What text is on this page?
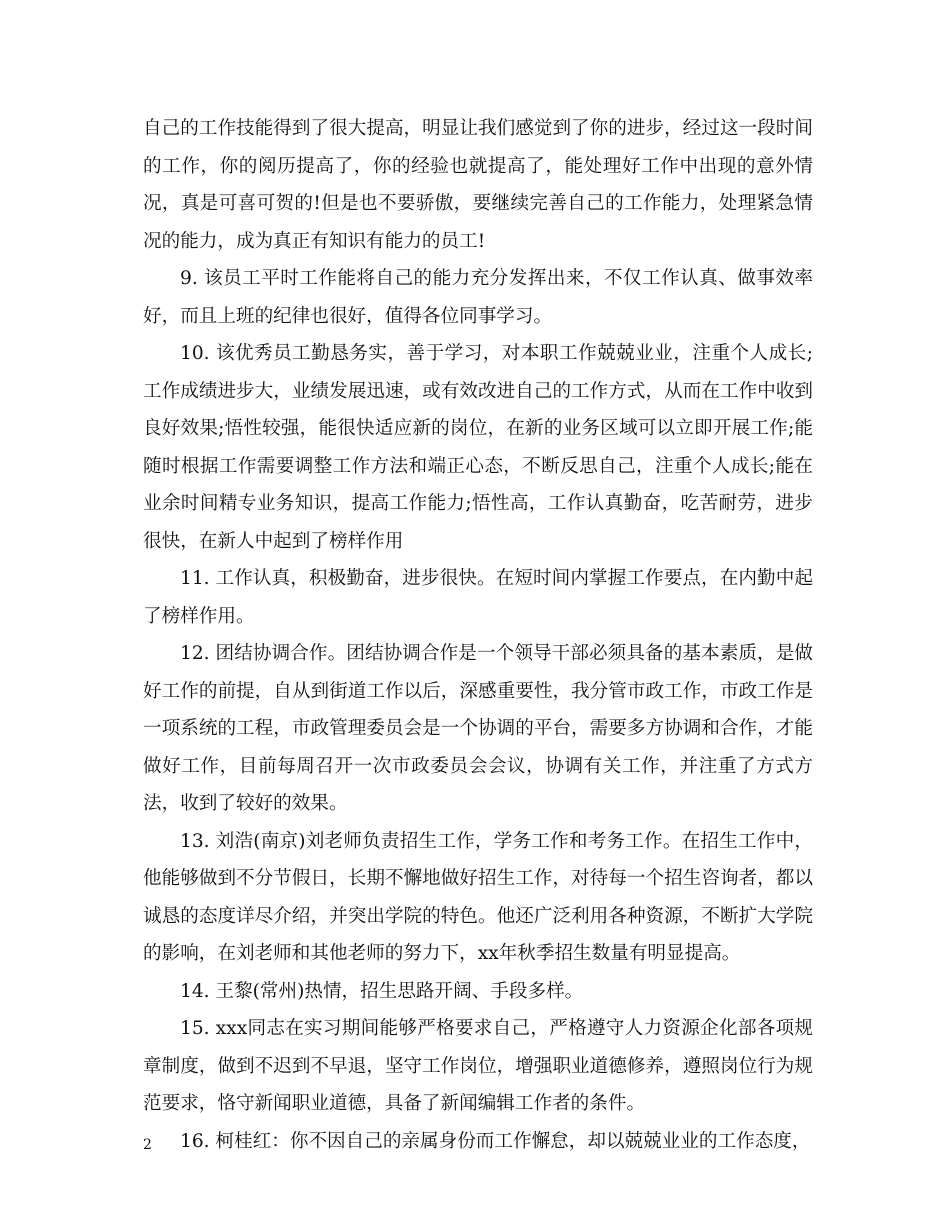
自己的工作技能得到了很大提高，明显让我们感觉到了你的进步，经过这一段时间的工作，你的阅历提高了，你的经验也就提高了，能处理好工作中出现的意外情况，真是可喜可贺的!但是也不要骄傲，要继续完善自己的工作能力，处理紧急情况的能力，成为真正有知识有能力的员工!

9. 该员工平时工作能将自己的能力充分发挥出来，不仅工作认真、做事效率好，而且上班的纪律也很好，值得各位同事学习。

10. 该优秀员工勤恳务实，善于学习，对本职工作兢兢业业，注重个人成长;工作成绩进步大，业绩发展迅速，或有效改进自己的工作方式，从而在工作中收到良好效果;悟性较强，能很快适应新的岗位，在新的业务区域可以立即开展工作;能随时根据工作需要调整工作方法和端正心态，不断反思自己，注重个人成长;能在业余时间精专业务知识，提高工作能力;悟性高，工作认真勤奋，吃苦耐劳，进步很快，在新人中起到了榜样作用

11. 工作认真，积极勤奋，进步很快。在短时间内掌握工作要点，在内勤中起了榜样作用。

12. 团结协调合作。团结协调合作是一个领导干部必须具备的基本素质，是做好工作的前提，自从到街道工作以后，深感重要性，我分管市政工作，市政工作是一项系统的工程，市政管理委员会是一个协调的平台，需要多方协调和合作，才能做好工作，目前每周召开一次市政委员会会议，协调有关工作，并注重了方式方法，收到了较好的效果。

13. 刘浩(南京)刘老师负责招生工作，学务工作和考务工作。在招生工作中，他能够做到不分节假日，长期不懈地做好招生工作，对待每一个招生咨询者，都以诚恳的态度详尽介绍，并突出学院的特色。他还广泛利用各种资源，不断扩大学院的影响，在刘老师和其他老师的努力下，xx年秋季招生数量有明显提高。

14. 王黎(常州)热情，招生思路开阔、手段多样。

15. xxx同志在实习期间能够严格要求自己，严格遵守人力资源企化部各项规章制度，做到不迟到不早退，坚守工作岗位，增强职业道德修养，遵照岗位行为规范要求，恪守新闻职业道德，具备了新闻编辑工作者的条件。

16. 柯桂红：你不因自己的亲属身份而工作懈怠，却以兢兢业业的工作态度，

2
